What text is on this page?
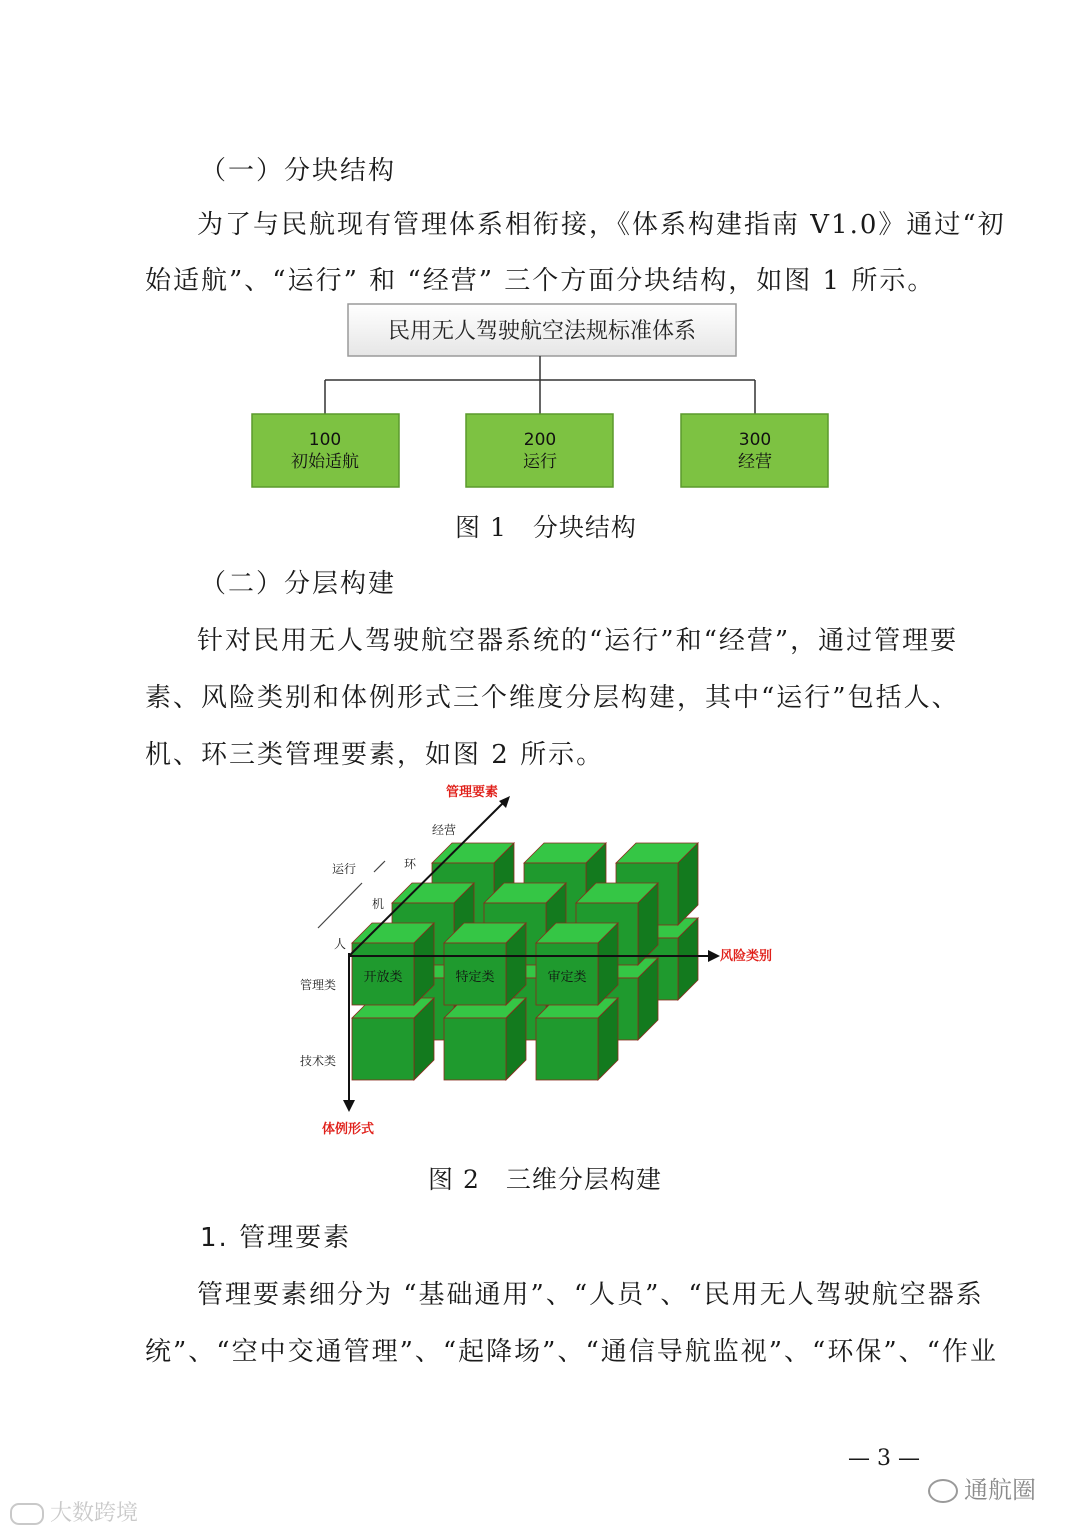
（一）分块结构
为了与民航现有管理体系相衔接，《体系构建指南 V1.0》通过“初
始适航”、“运行” 和 “经营” 三个方面分块结构，如图 1 所示。
民用无人驾驶航空法规标准体系
100
初始适航
200
运行
300
经营
图 1　分块结构
（二）分层构建
针对民用无人驾驶航空器系统的“运行”和“经营”，通过管理要
素、风险类别和体例形式三个维度分层构建，其中“运行”包括人、
机、环三类管理要素，如图 2 所示。
管理要素
风险类别
体例形式
经营
运行	环
机
人
管理类
技术类
开放类	特定类	审定类
图 2　三维分层构建
1. 管理要素
管理要素细分为 “基础通用”、“人员”、“民用无人驾驶航空器系
统”、“空中交通管理”、“起降场”、“通信导航监视”、“环保”、“作业
— 3 —
通航圈
大数跨境
